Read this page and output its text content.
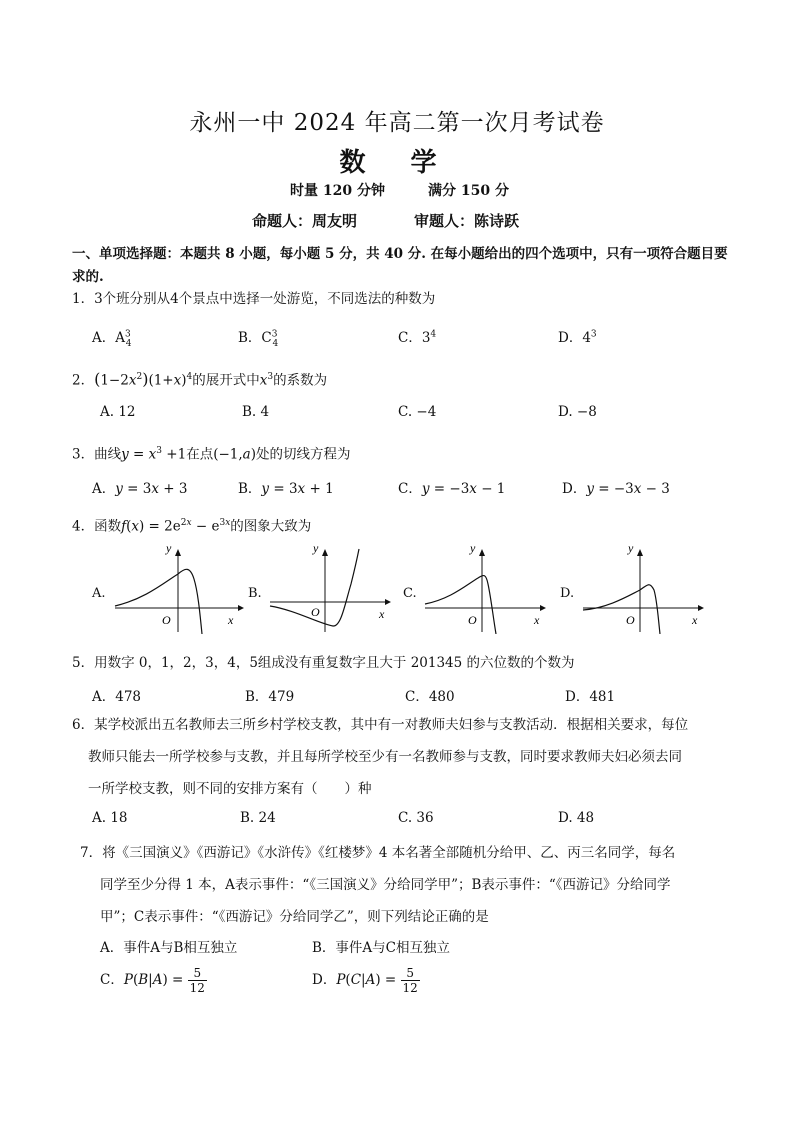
永州一中 2024 年高二第一次月考试卷
数 学
时量 120 分钟	满分 150 分
命题人：周友明	审题人：陈诗跃
一、单项选择题：本题共 8 小题，每小题 5 分，共 40 分. 在每小题给出的四个选项中，只有一项符合题目要求的.
1．3个班分别从4个景点中选择一处游览，不同选法的种数为
A．$A^3_4$	B．$C^3_4$	C．$3^4$	D．$4^3$
2．$(1-2x^2)(1+x)^4$的展开式中$x^3$的系数为
A. 12	B. 4	C. −4	D. −8
3．曲线$y = x^3 +1$在点(−1,a)处的切线方程为
A．y = 3x + 3	B．y = 3x + 1	C．y = −3x − 1	D．y = −3x − 3
4．函数$f(x) = 2e^{2x} - e^{3x}$的图象大致为
A.	B.	C.	D.
y
O	x
y
O	x
y
O	x
y
O	x
5．用数字 0，1，2，3，4，5组成没有重复数字且大于 201345 的六位数的个数为
A．478	B．479	C．480	D．481
6．某学校派出五名教师去三所乡村学校支教，其中有一对教师夫妇参与支教活动．根据相关要求，每位
教师只能去一所学校参与支教，并且每所学校至少有一名教师参与支教，同时要求教师夫妇必须去同
一所学校支教，则不同的安排方案有（　　）种
A. 18	B. 24	C. 36	D. 48
7．将《三国演义》《西游记》《水浒传》《红楼梦》4 本名著全部随机分给甲、乙、丙三名同学，每名
同学至少分得 1 本，A表示事件：“《三国演义》分给同学甲”；B表示事件：“《西游记》分给同学
甲”；C表示事件：“《西游记》分给同学乙”，则下列结论正确的是
A．事件A与B相互独立	B．事件A与C相互独立
C．$P(B|A) = \frac{5}{12}$	D．$P(C|A) = \frac{5}{12}$
